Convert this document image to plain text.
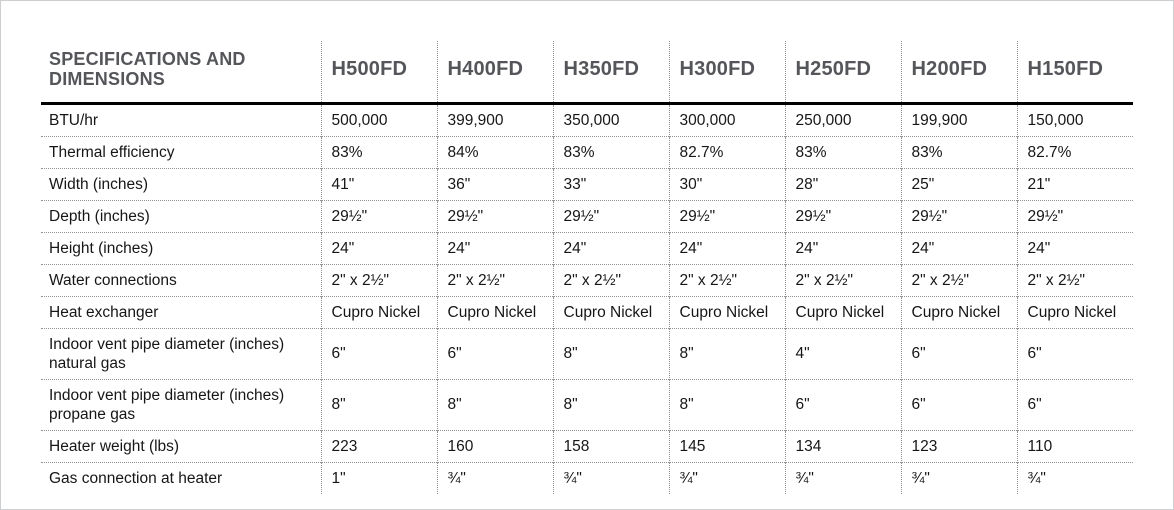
SPECIFICATIONS AND DIMENSIONS	H500FD	H400FD	H350FD	H300FD	H250FD	H200FD	H150FD
BTU/hr	500,000	399,900	350,000	300,000	250,000	199,900	150,000
Thermal efficiency	83%	84%	83%	82.7%	83%	83%	82.7%
Width (inches)	41"	36"	33"	30"	28"	25"	21"
Depth (inches)	29½"	29½"	29½"	29½"	29½"	29½"	29½"
Height (inches)	24"	24"	24"	24"	24"	24"	24"
Water connections	2" x 2½"	2" x 2½"	2" x 2½"	2" x 2½"	2" x 2½"	2" x 2½"	2" x 2½"
Heat exchanger	Cupro Nickel	Cupro Nickel	Cupro Nickel	Cupro Nickel	Cupro Nickel	Cupro Nickel	Cupro Nickel
Indoor vent pipe diameter (inches) natural gas	6"	6"	8"	8"	4"	6"	6"
Indoor vent pipe diameter (inches) propane gas	8"	8"	8"	8"	6"	6"	6"
Heater weight (lbs)	223	160	158	145	134	123	110
Gas connection at heater	1"	¾"	¾"	¾"	¾"	¾"	¾"
